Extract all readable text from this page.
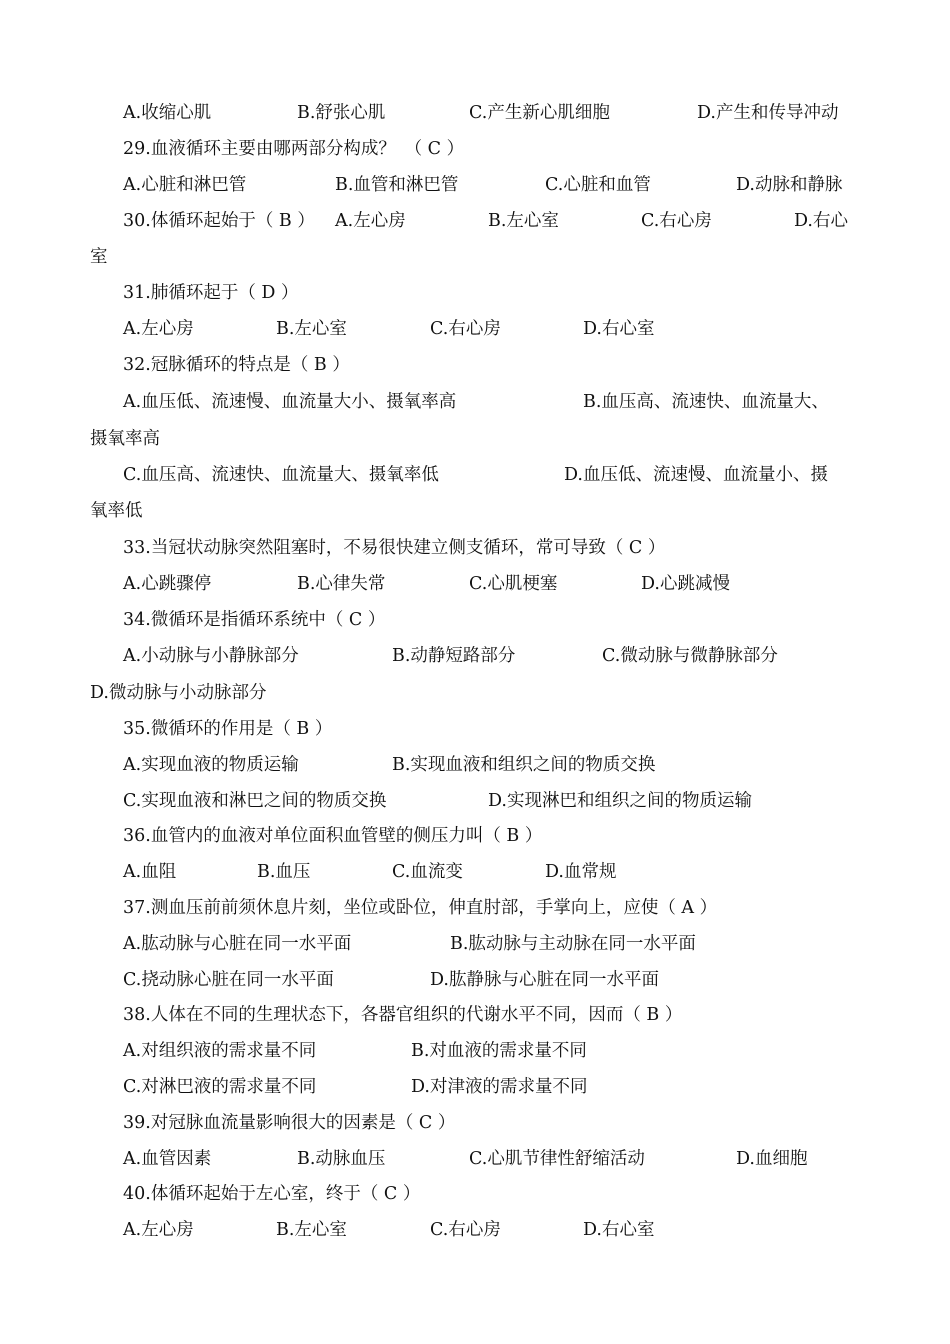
A.收缩心肌	B.舒张心肌	C.产生新心肌细胞	D.产生和传导冲动
29.血液循环主要由哪两部分构成？　（ C ）
A.心脏和淋巴管	B.血管和淋巴管	C.心脏和血管	D.动脉和静脉
30.体循环起始于（ B ） A.左心房	B.左心室	C.右心房	D.右心
室
31.肺循环起于（ D ）
A.左心房	B.左心室	C.右心房	D.右心室
32.冠脉循环的特点是（ B ）
A.血压低、流速慢、血流量大小、摄氧率高	B.血压高、流速快、血流量大、
摄氧率高
C.血压高、流速快、血流量大、摄氧率低	D.血压低、流速慢、血流量小、摄
氧率低
33.当冠状动脉突然阻塞时，不易很快建立侧支循环，常可导致（ C ）
A.心跳骤停	B.心律失常	C.心肌梗塞	D.心跳减慢
34.微循环是指循环系统中（ C ）
A.小动脉与小静脉部分	B.动静短路部分	C.微动脉与微静脉部分
D.微动脉与小动脉部分
35.微循环的作用是（ B ）
A.实现血液的物质运输	B.实现血液和组织之间的物质交换
C.实现血液和淋巴之间的物质交换	D.实现淋巴和组织之间的物质运输
36.血管内的血液对单位面积血管壁的侧压力叫（ B ）
A.血阻	B.血压	C.血流变	D.血常规
37.测血压前前须休息片刻，坐位或卧位，伸直肘部，手掌向上，应使（ A ）
A.肱动脉与心脏在同一水平面	B.肱动脉与主动脉在同一水平面
C.挠动脉心脏在同一水平面	D.肱静脉与心脏在同一水平面
38.人体在不同的生理状态下，各器官组织的代谢水平不同，因而（ B ）
A.对组织液的需求量不同	B.对血液的需求量不同
C.对淋巴液的需求量不同	D.对津液的需求量不同
39.对冠脉血流量影响很大的因素是（ C ）
A.血管因素	B.动脉血压	C.心肌节律性舒缩活动	D.血细胞
40.体循环起始于左心室，终于（ C ）
A.左心房	B.左心室	C.右心房	D.右心室
